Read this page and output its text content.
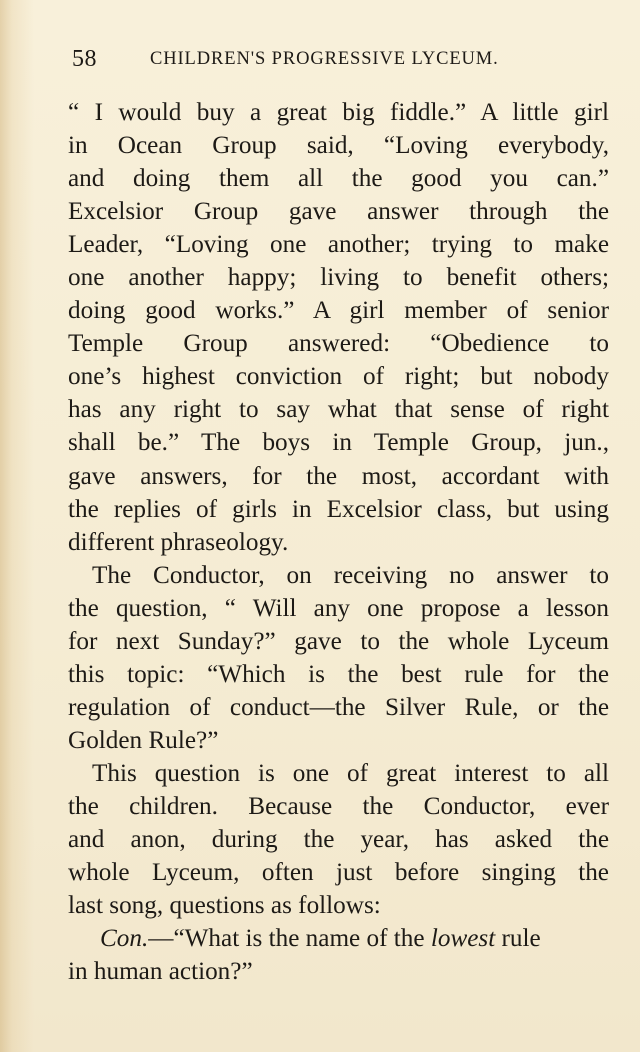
58	CHILDREN'S PROGRESSIVE LYCEUM.
“ I would buy a great big fiddle.” A little girl
in Ocean Group said, “Loving everybody,
and doing them all the good you can.”
Excelsior Group gave answer through the
Leader, “Loving one another; trying to make
one another happy; living to benefit others;
doing good works.” A girl member of senior
Temple Group answered: “Obedience to
one’s highest conviction of right; but nobody
has any right to say what that sense of right
shall be.” The boys in Temple Group, jun.,
gave answers, for the most, accordant with
the replies of girls in Excelsior class, but using
different phraseology.
The Conductor, on receiving no answer to
the question, “ Will any one propose a lesson
for next Sunday?” gave to the whole Lyceum
this topic: “Which is the best rule for the
regulation of conduct—the Silver Rule, or the
Golden Rule?”
This question is one of great interest to all
the children. Because the Conductor, ever
and anon, during the year, has asked the
whole Lyceum, often just before singing the
last song, questions as follows:
Con.—“What is the name of the lowest rule
in human action?”
